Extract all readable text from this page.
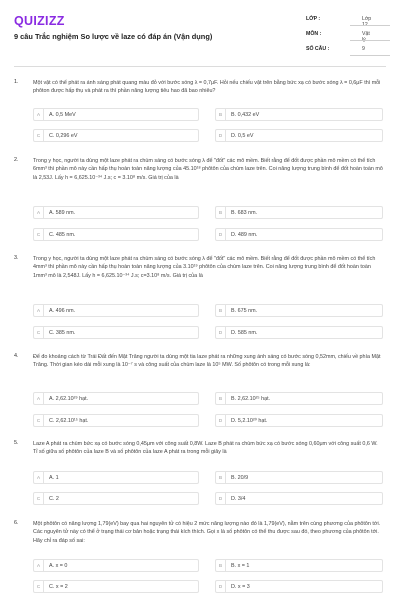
QUIZIZZ
9 câu Trắc nghiệm So lược về laze có đáp án (Vận dụng)
LỚP :	Lớp 12
MÔN :	Vật lý
SỐ CÂU :	9
1.	Một vật có thể phát ra ánh sáng phát quang màu đỏ với bước sóng λ = 0,7μF. Hỏi nếu chiếu vật trên bằng bức xạ có bước sóng λ = 0,6μF thì mỗi phôton được hấp thụ và phát ra thì phần năng lượng tiêu hao đã bao nhiêu?
A	A. 0,5 MeV	B	B. 0,432 eV
C	C. 0,296 eV	D	D. 0,5 eV
2.	Trong y học, người ta dùng một laze phát ra chùm sáng có bước sóng λ để "đốt" các mô mềm. Biết rằng để đốt được phần mô mềm có thể tích 6mm³ thì phần mô này cần hấp thụ hoàn toàn năng lượng của 45.10¹⁸ phôtôn của chùm laze trên. Coi năng lượng trung bình để đốt hoàn toàn mô là 2,53J. Lấy h = 6,625.10⁻³⁴ J.s; c = 3.10⁸ m/s. Giá trị của là
A	A. 589 nm.	B	B. 683 nm.
C	C. 485 nm.	D	D. 489 nm.
3.	Trong y học, người ta dùng một laze phát ra chùm sáng có bước sóng λ để "đốt" các mô mềm. Biết rằng để đốt được phần mô mềm có thể tích 4mm³ thì phần mô này cần hấp thụ hoàn toàn năng lượng của 3.10¹⁹ phôtôn của chùm laze trên. Coi năng lượng trung bình để đốt hoàn toàn 1mm³ mô là 2,548J. Lấy h = 6,625.10⁻³⁴ J.s; c=3.10⁸ m/s. Giá trị của là
A	A. 496 nm.	B	B. 675 nm.
C	C. 385 nm.	D	D. 585 nm.
4.	Để đo khoảng cách từ Trái Đất đến Mặt Trăng người ta dùng một tia laze phát ra những xung ánh sáng có bước sóng 0,52mm, chiếu về phía Mặt Trăng. Thời gian kéo dài mỗi xung là 10⁻⁷ s và công suất của chùm laze là 10⁵ MW. Số phôtôn có trong mỗi xung là:
A	A. 2,62.10²⁹ hạt.	B	B. 2,62.10²⁵ hạt.
C	C. 2,62.10¹⁵ hạt.	D	D. 5,2.10²⁰ hạt.
5.	Laze A phát ra chùm bức xạ có bước sóng 0,45μm với công suất 0,8W. Laze B phát ra chùm bức xạ có bước sóng 0,60μm với công suất 0,6 W. Tỉ số giữa số phôtôn của laze B và số phôtôn của laze A phát ra trong mỗi giây là
A	A. 1	B	B. 20/9
C	C. 2	D	D. 3/4
6.	Một phôtôn có năng lượng 1,79(eV) bay qua hai nguyên tử có hiệu 2 mức năng lượng nào đó là 1,79(eV), nằm trên cùng phương của phôtôn tới. Các nguyên tử này có thể ở trạng thái cơ bản hoặc trạng thái kích thích. Gọi x là số phôtôn có thể thu được sau đó, theo phương của phôtôn tới. Hãy chỉ ra đáp số sai:
A	A. x = 0	B	B. x = 1
C	C. x = 2	D	D. x = 3
